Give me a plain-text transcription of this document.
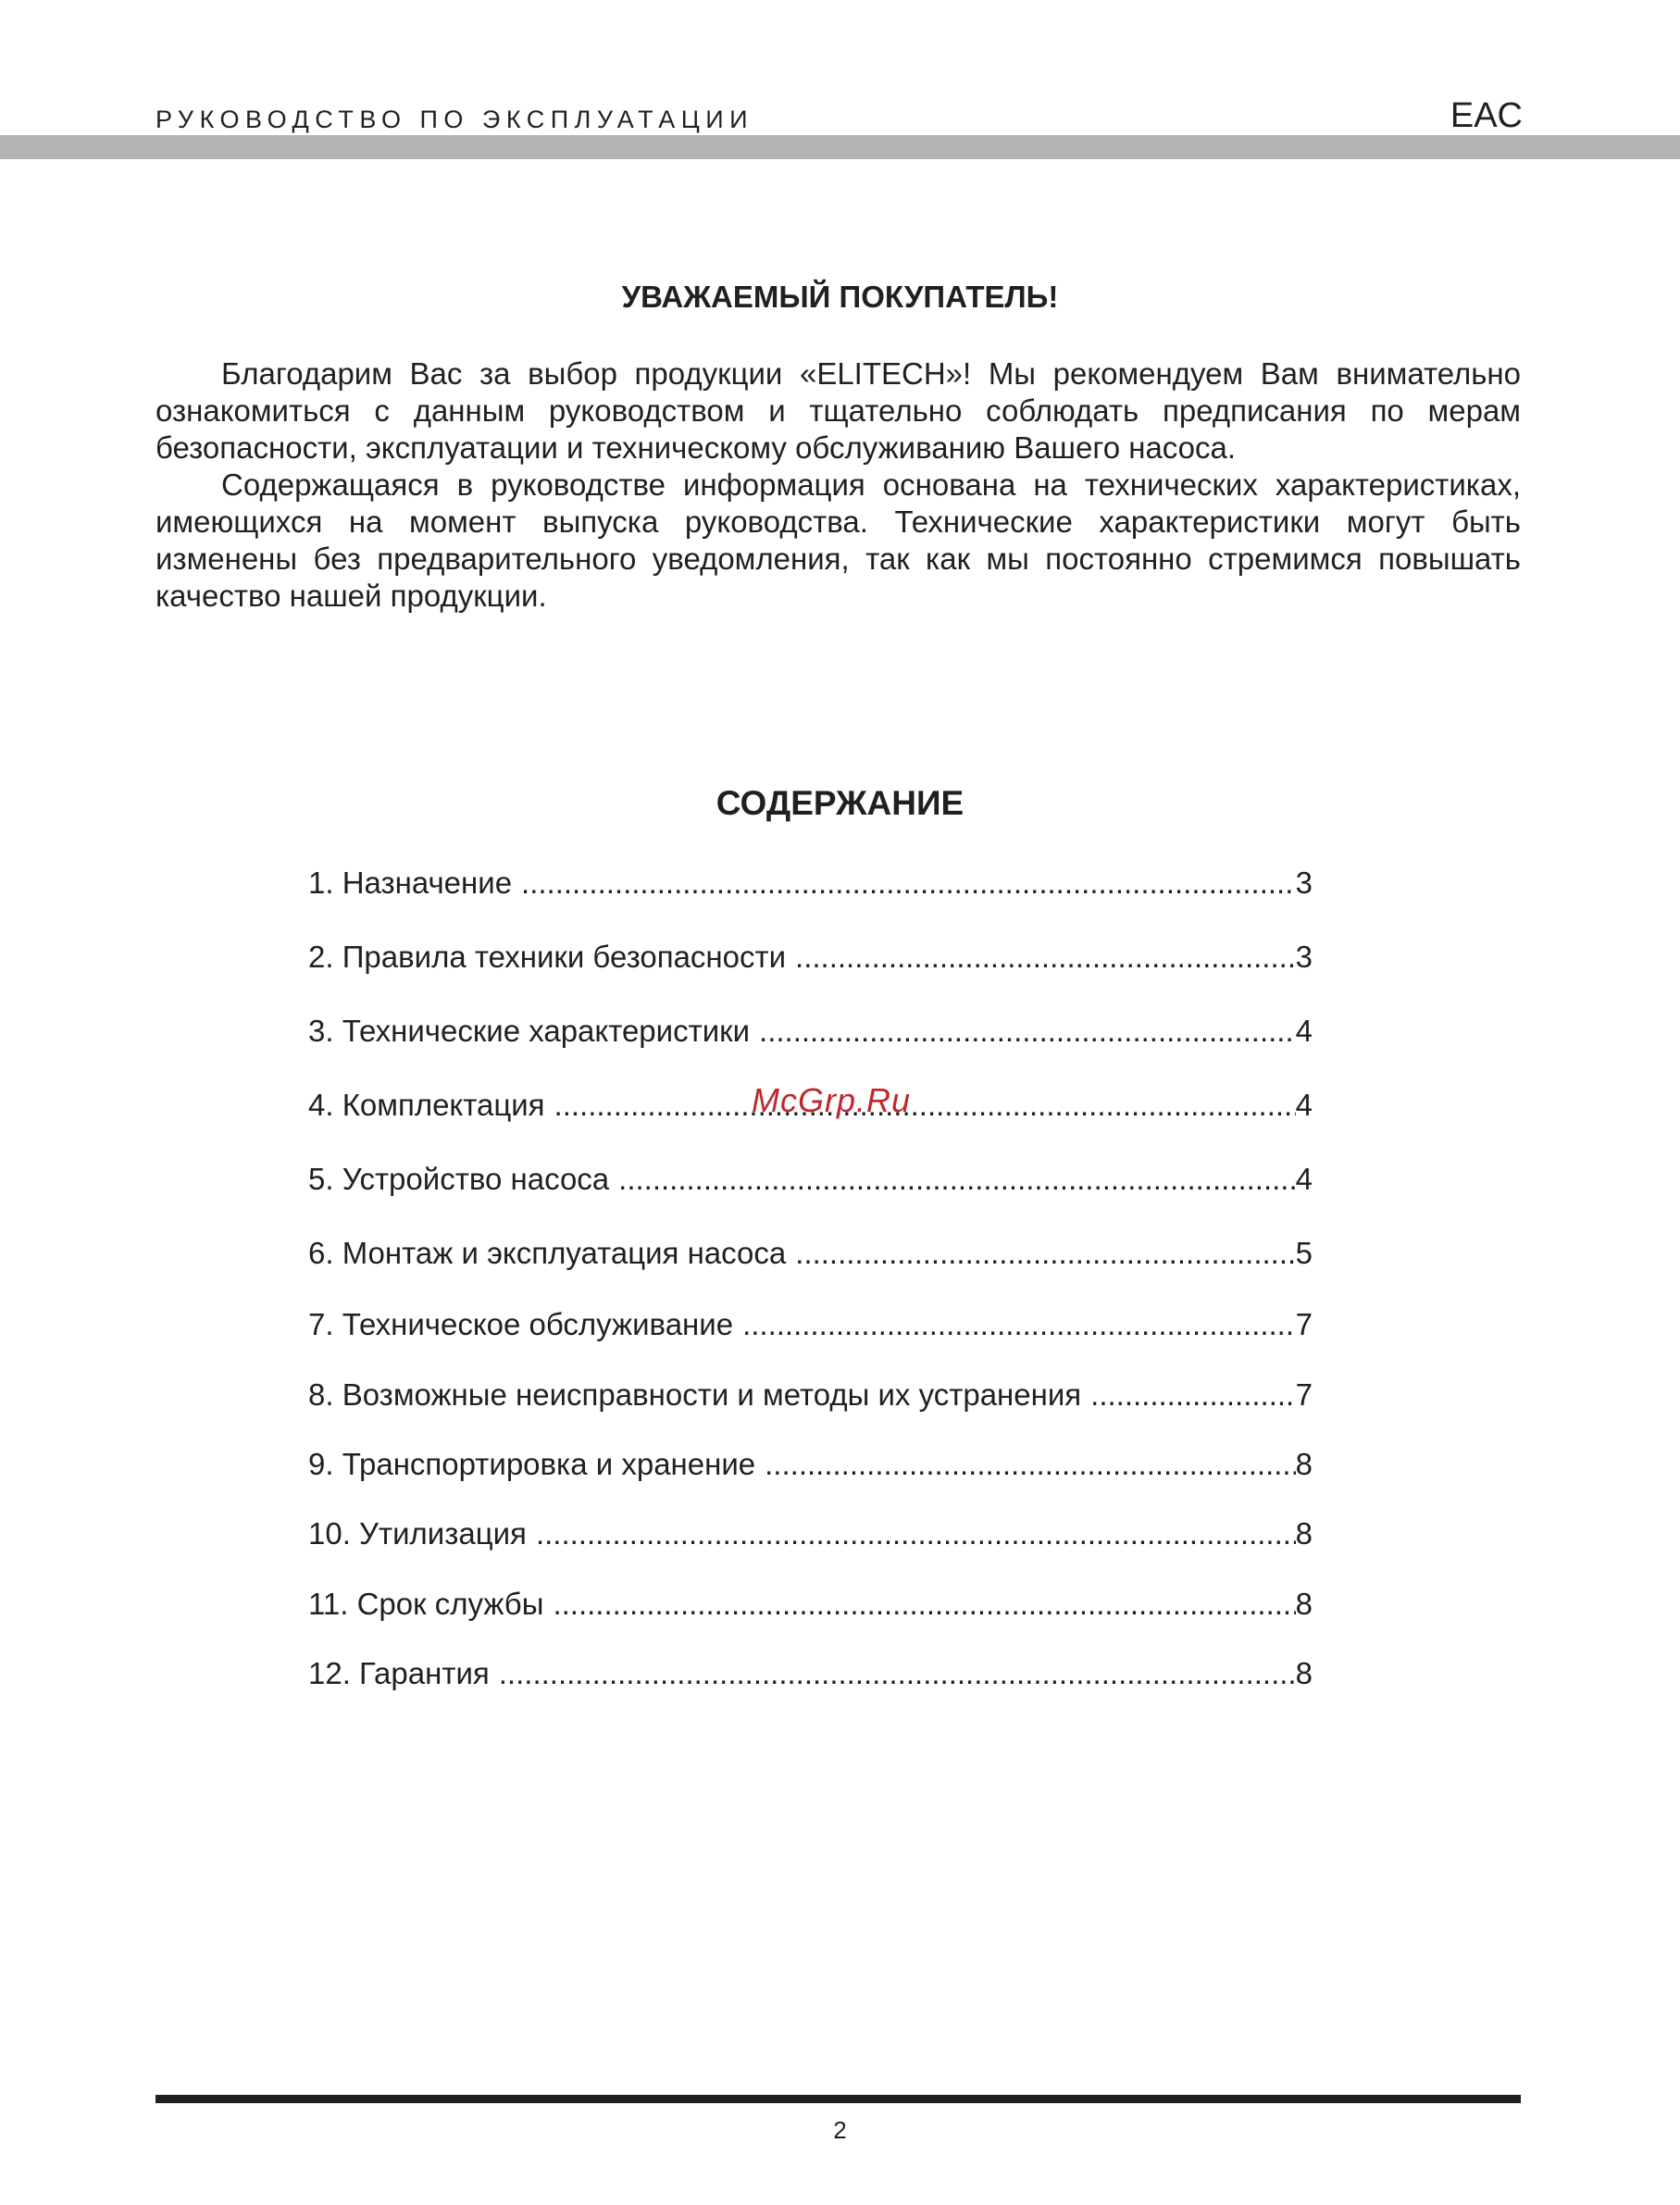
РУКОВОДСТВО ПО ЭКСПЛУАТАЦИИ	EAC
УВАЖАЕМЫЙ ПОКУПАТЕЛЬ!

Благодарим Вас за выбор продукции «ELITECH»! Мы рекомендуем Вам внимательно ознакомиться с данным руководством и тщательно соблюдать предписания по мерам безопасности, эксплуатации и техническому обслуживанию Вашего насоса.

Содержащаяся в руководстве информация основана на технических характеристиках, имеющихся на момент выпуска руководства. Технические характеристики могут быть изменены без предварительного уведомления, так как мы постоянно стремимся повышать качество нашей продукции.

СОДЕРЖАНИЕ
1. Назначение .....	3
2. Правила техники безопасности .....	3
3. Технические характеристики .....	4
4. Комплектация .....	4
5. Устройство насоса .....	4
6. Монтаж и эксплуатация насоса .....	5
7. Техническое обслуживание .....	7
8. Возможные неисправности и методы их устранения .....	7
9. Транспортировка и хранение .....	8
10. Утилизация .....	8
11. Срок службы .....	8
12. Гарантия .....	8
McGrp.Ru
2
